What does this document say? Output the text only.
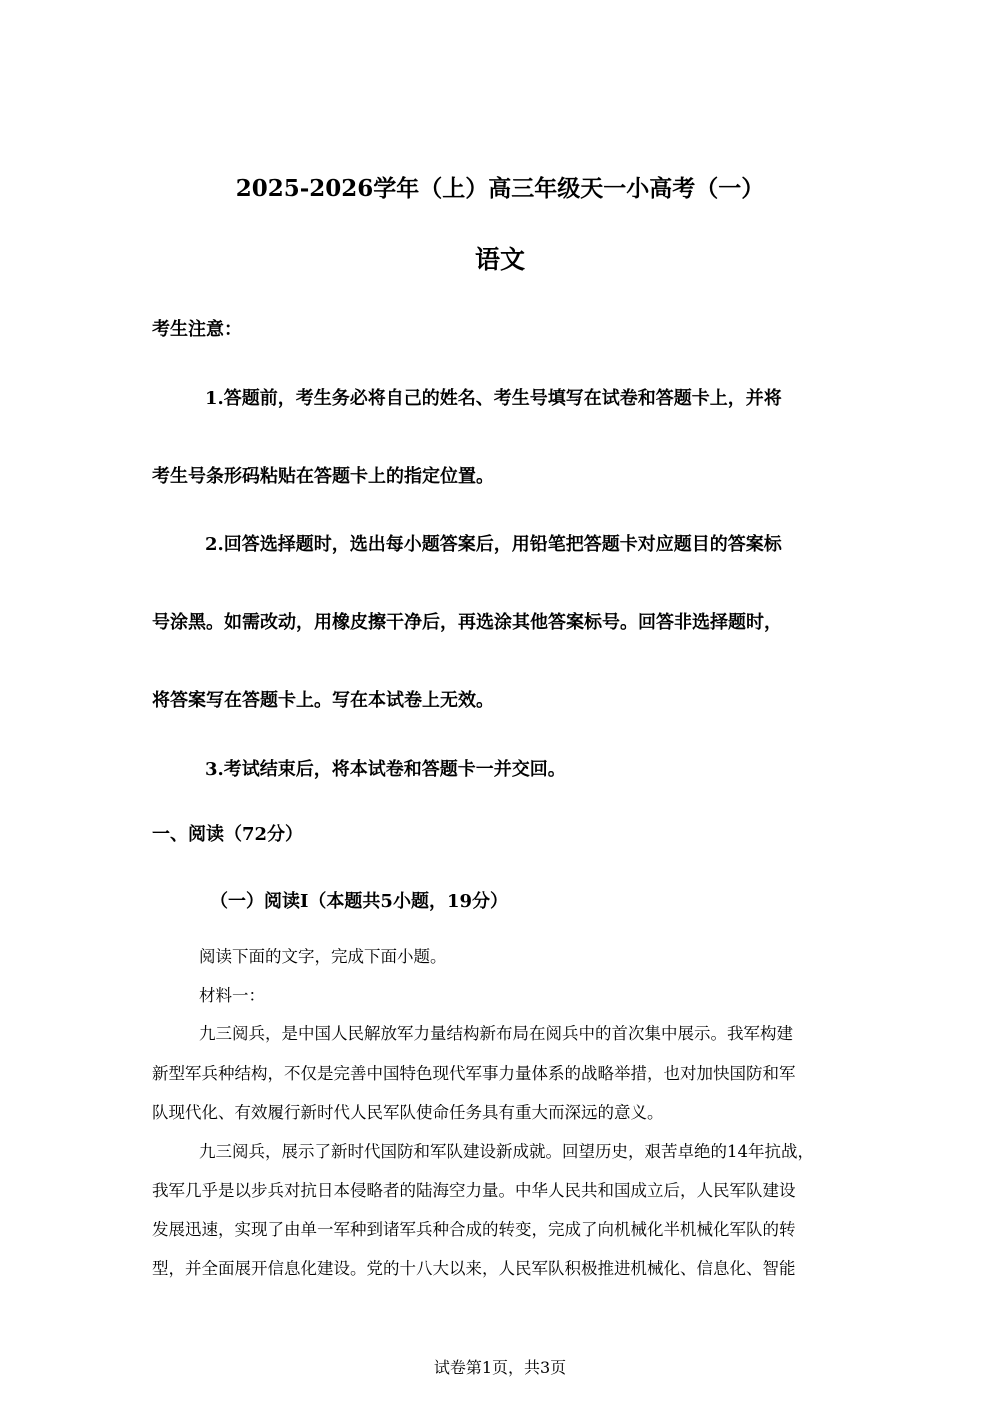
2025-2026学年（上）高三年级天一小高考（一）
语文
考生注意：
1.答题前，考生务必将自己的姓名、考生号填写在试卷和答题卡上，并将
考生号条形码粘贴在答题卡上的指定位置。
2.回答选择题时，选出每小题答案后，用铅笔把答题卡对应题目的答案标
号涂黑。如需改动，用橡皮擦干净后，再选涂其他答案标号。回答非选择题时，
将答案写在答题卡上。写在本试卷上无效。
3.考试结束后，将本试卷和答题卡一并交回。
一、阅读（72分）
（一）阅读I（本题共5小题，19分）
阅读下面的文字，完成下面小题。
材料一：
九三阅兵，是中国人民解放军力量结构新布局在阅兵中的首次集中展示。我军构建
新型军兵种结构，不仅是完善中国特色现代军事力量体系的战略举措，也对加快国防和军
队现代化、有效履行新时代人民军队使命任务具有重大而深远的意义。
九三阅兵，展示了新时代国防和军队建设新成就。回望历史，艰苦卓绝的14年抗战，
我军几乎是以步兵对抗日本侵略者的陆海空力量。中华人民共和国成立后，人民军队建设
发展迅速，实现了由单一军种到诸军兵种合成的转变，完成了向机械化半机械化军队的转
型，并全面展开信息化建设。党的十八大以来，人民军队积极推进机械化、信息化、智能
试卷第1页，共3页
